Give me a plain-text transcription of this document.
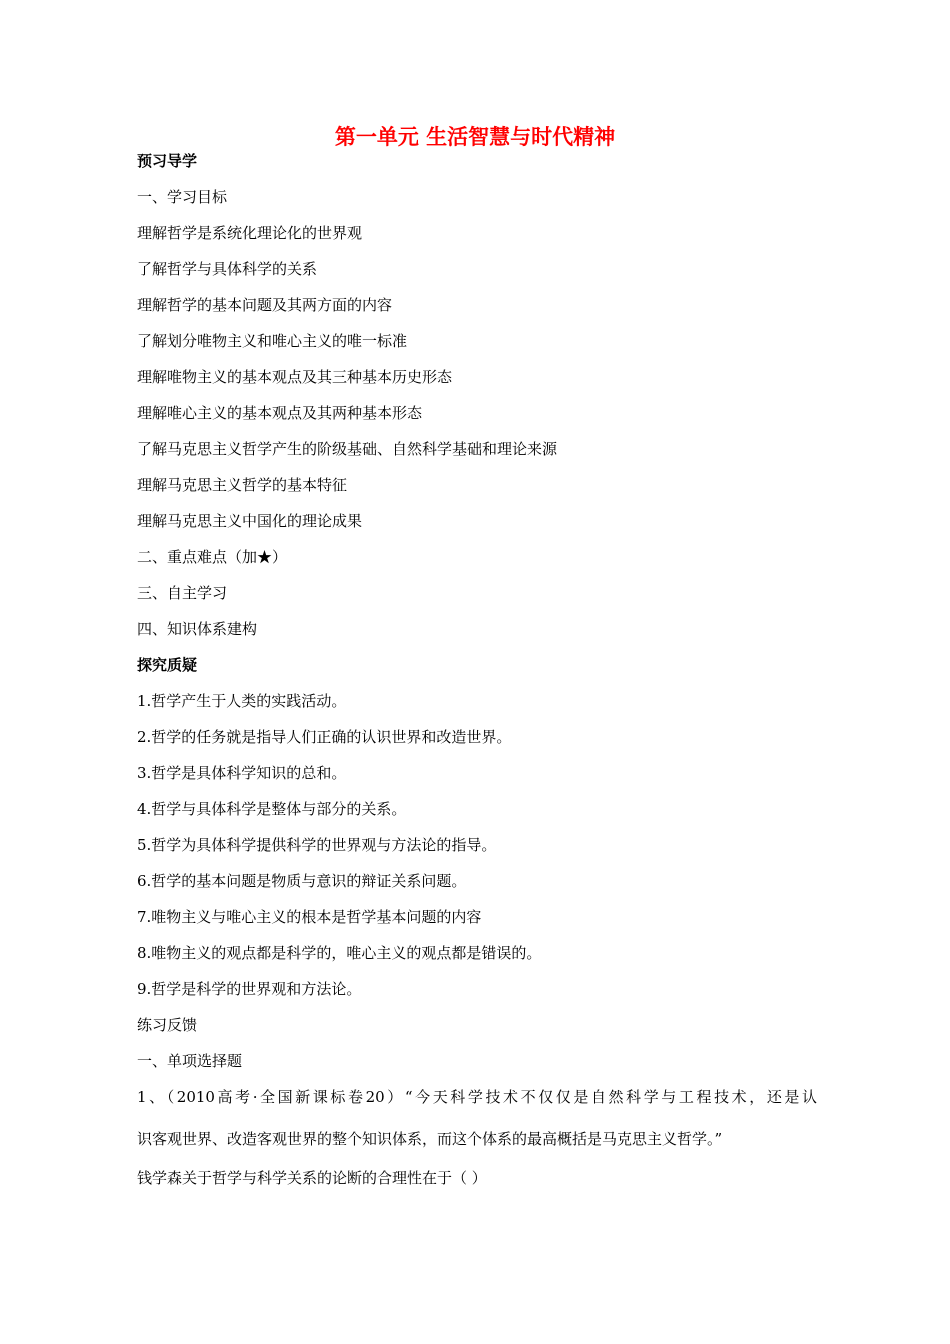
第一单元 生活智慧与时代精神
预习导学
一、学习目标
理解哲学是系统化理论化的世界观
了解哲学与具体科学的关系
理解哲学的基本问题及其两方面的内容
了解划分唯物主义和唯心主义的唯一标准
理解唯物主义的基本观点及其三种基本历史形态
理解唯心主义的基本观点及其两种基本形态
了解马克思主义哲学产生的阶级基础、自然科学基础和理论来源
理解马克思主义哲学的基本特征
理解马克思主义中国化的理论成果
二、重点难点（加★）
三、自主学习
四、知识体系建构
探究质疑
1.哲学产生于人类的实践活动。
2.哲学的任务就是指导人们正确的认识世界和改造世界。
3.哲学是具体科学知识的总和。
4.哲学与具体科学是整体与部分的关系。
5.哲学为具体科学提供科学的世界观与方法论的指导。
6.哲学的基本问题是物质与意识的辩证关系问题。
7.唯物主义与唯心主义的根本是哲学基本问题的内容
8.唯物主义的观点都是科学的，唯心主义的观点都是错误的。
9.哲学是科学的世界观和方法论。
练习反馈
一、单项选择题
1、（2010高考·全国新课标卷20）“今天科学技术不仅仅是自然科学与工程技术，还是认
识客观世界、改造客观世界的整个知识体系，而这个体系的最高概括是马克思主义哲学。”
钱学森关于哲学与科学关系的论断的合理性在于（ ）
